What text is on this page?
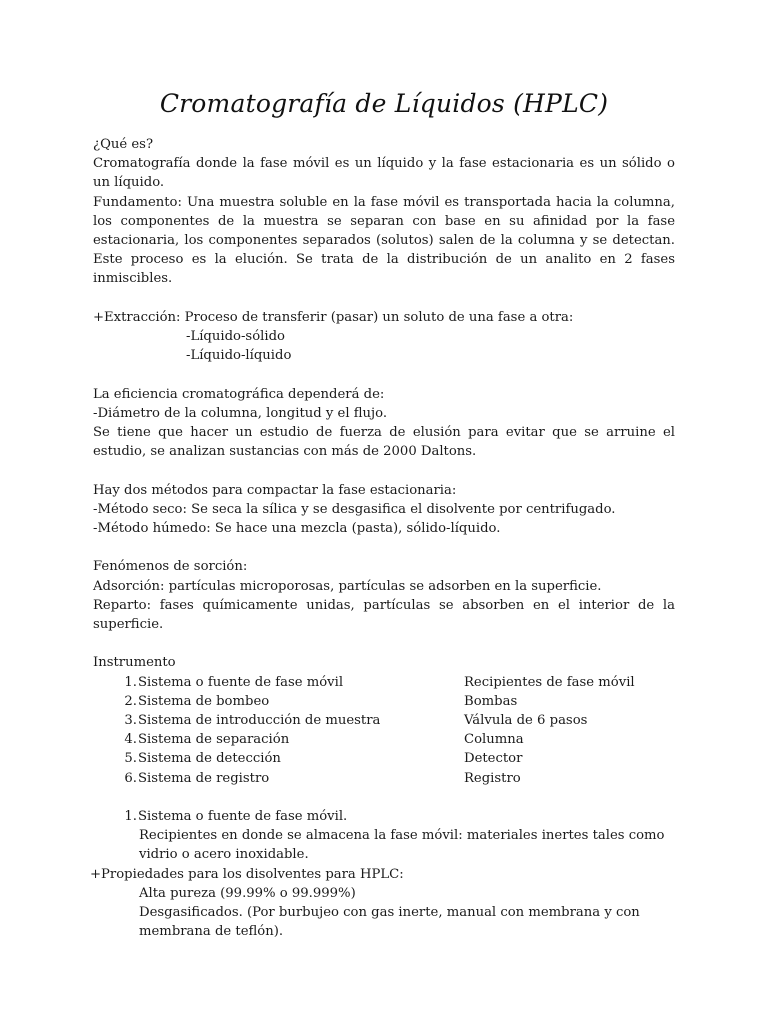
Cromatografía de Líquidos (HPLC)

¿Qué es?

Cromatografía donde la fase móvil es un líquido y la fase estacionaria es un sólido o un líquido.

Fundamento: Una muestra soluble en la fase móvil es transportada hacia la columna, los componentes de la muestra se separan con base en su afinidad por la fase estacionaria, los componentes separados (solutos) salen de la columna y se detectan. Este proceso es la elución. Se trata de la distribución de un analito en 2 fases inmiscibles.

+Extracción: Proceso de transferir (pasar) un soluto de una fase a otra:

-Líquido-sólido

-Líquido-líquido

La eficiencia cromatográfica dependerá de:

-Diámetro de la columna, longitud y el flujo.

Se tiene que hacer un estudio de fuerza de elusión para evitar que se arruine el estudio, se analizan sustancias con más de 2000 Daltons.

Hay dos métodos para compactar la fase estacionaria:

-Método seco: Se seca la sílica y se desgasifica el disolvente por centrifugado.

-Método húmedo: Se hace una mezcla (pasta), sólido-líquido.

Fenómenos de sorción:

Adsorción: partículas microporosas, partículas se adsorben en la superficie.

Reparto: fases químicamente unidas, partículas se absorben en el interior de la superficie.

Instrumento

1. Sistema o fuente de fase móvil	Recipientes de fase móvil
2. Sistema de bombeo	Bombas
3. Sistema de introducción de muestra	Válvula de 6 pasos
4. Sistema de separación	Columna
5. Sistema de detección	Detector
6. Sistema de registro	Registro
1. Sistema o fuente de fase móvil.

Recipientes en donde se almacena la fase móvil: materiales inertes tales como vidrio o acero inoxidable.

+Propiedades para los disolventes para HPLC:

Alta pureza (99.99% o 99.999%)

Desgasificados. (Por burbujeo con gas inerte, manual con membrana y con membrana de teflón).
